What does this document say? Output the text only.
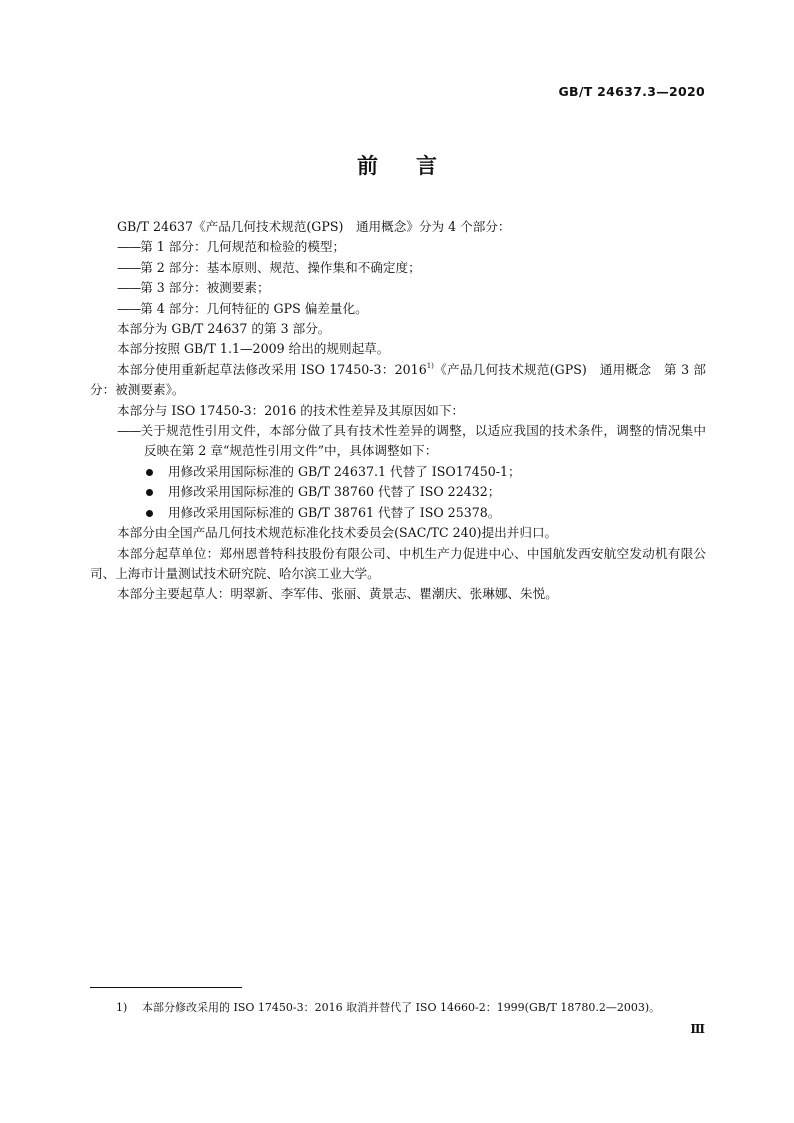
GB/T 24637.3—2020
前言

GB/T 24637《产品几何技术规范(GPS)　通用概念》分为 4 个部分：

——第 1 部分：几何规范和检验的模型；

——第 2 部分：基本原则、规范、操作集和不确定度；

——第 3 部分：被测要素；

——第 4 部分：几何特征的 GPS 偏差量化。

本部分为 GB/T 24637 的第 3 部分。

本部分按照 GB/T 1.1—2009 给出的规则起草。

本部分使用重新起草法修改采用 ISO 17450-3：2016$^{1)}$《产品几何技术规范(GPS)　通用概念　第 3 部分：被测要素》。

本部分与 ISO 17450-3：2016 的技术性差异及其原因如下：

——关于规范性引用文件，本部分做了具有技术性差异的调整，以适应我国的技术条件，调整的情况集中反映在第 2 章“规范性引用文件”中，具体调整如下：

用修改采用国际标准的 GB/T 24637.1 代替了 ISO17450-1；

用修改采用国际标准的 GB/T 38760 代替了 ISO 22432；

用修改采用国际标准的 GB/T 38761 代替了 ISO 25378。

本部分由全国产品几何技术规范标准化技术委员会(SAC/TC 240)提出并归口。

本部分起草单位：郑州恩普特科技股份有限公司、中机生产力促进中心、中国航发西安航空发动机有限公司、上海市计量测试技术研究院、哈尔滨工业大学。

本部分主要起草人：明翠新、李军伟、张丽、黄景志、瞿潮庆、张琳娜、朱悦。

1)	本部分修改采用的 ISO 17450-3：2016 取消并替代了 ISO 14660-2：1999(GB/T 18780.2—2003)。
Ⅲ
